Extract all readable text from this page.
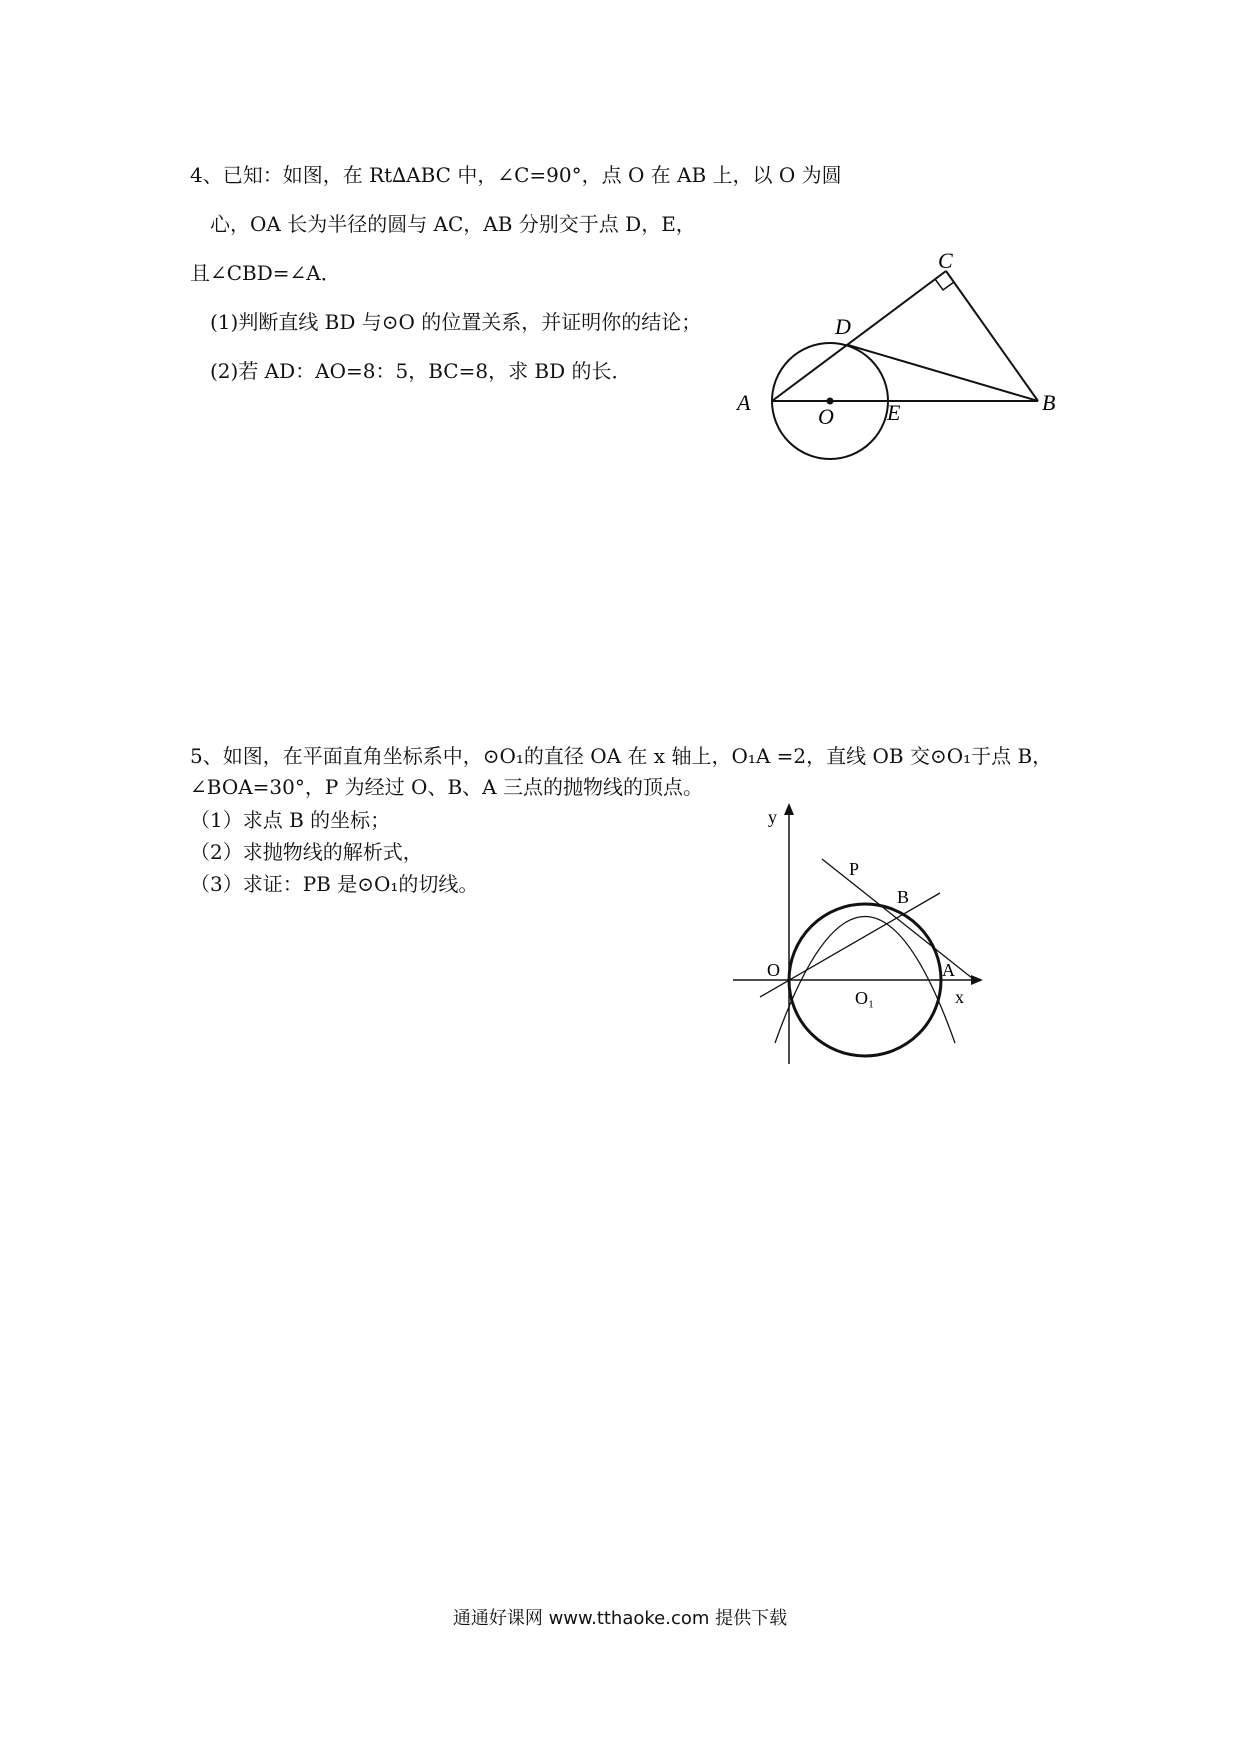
4、已知：如图，在 Rt∆ABC 中，∠C=90°，点 O 在 AB 上，以 O 为圆
心，OA 长为半径的圆与 AC，AB 分别交于点 D，E，
且∠CBD=∠A．
(1)判断直线 BD 与⊙O 的位置关系，并证明你的结论；
(2)若 AD：AO=8：5，BC=8，求 BD 的长．
A	B
C
D
E
O
5、如图，在平面直角坐标系中，⊙O₁的直径 OA 在 x 轴上，O₁A =2，直线 OB 交⊙O₁于点 B，
∠BOA=30°，P 为经过 O、B、A 三点的抛物线的顶点。
（1）求点 B 的坐标；
（2）求抛物线的解析式，
（3）求证：PB 是⊙O₁的切线。
y
x
O
O₁
A
B
P
通通好课网 www.tthaoke.com 提供下载
